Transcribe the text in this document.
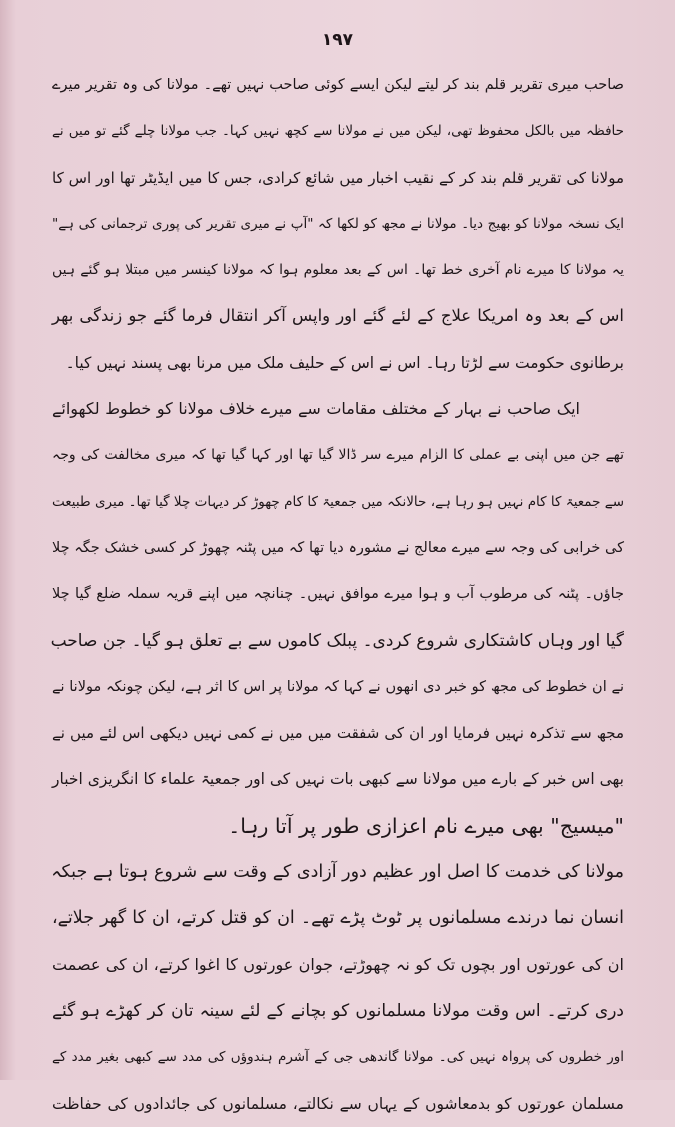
۱۹۷
صاحب میری تقریر قلم بند کر لیتے لیکن ایسے کوئی صاحب نہیں تھے۔ مولانا کی وہ تقریر میرے
حافظہ میں بالکل محفوظ تھی، لیکن میں نے مولانا سے کچھ نہیں کہا۔ جب مولانا چلے گئے تو میں نے
مولانا کی تقریر قلم بند کر کے نقیب اخبار میں شائع کرادی، جس کا میں ایڈیٹر تھا اور اس کا
ایک نسخہ مولانا کو بھیج دیا۔ مولانا نے مجھ کو لکھا کہ "آپ نے میری تقریر کی پوری ترجمانی کی ہے"
یہ مولانا کا میرے نام آخری خط تھا۔ اس کے بعد معلوم ہوا کہ مولانا کینسر میں مبتلا ہو گئے ہیں
اس کے بعد وہ امریکا علاج کے لئے گئے اور واپس آکر انتقال فرما گئے جو زندگی بھر
برطانوی حکومت سے لڑتا رہا۔ اس نے اس کے حلیف ملک میں مرنا بھی پسند نہیں کیا۔
ایک صاحب نے بہار کے مختلف مقامات سے میرے خلاف مولانا کو خطوط لکھوائے
تھے جن میں اپنی بے عملی کا الزام میرے سر ڈالا گیا تھا اور کہا گیا تھا کہ میری مخالفت کی وجہ
سے جمعیۃ کا کام نہیں ہو رہا ہے، حالانکہ میں جمعیۃ کا کام چھوڑ کر دیہات چلا گیا تھا۔ میری طبیعت
کی خرابی کی وجہ سے میرے معالج نے مشورہ دیا تھا کہ میں پٹنہ چھوڑ کر کسی خشک جگہ چلا
جاؤں۔ پٹنہ کی مرطوب آب و ہوا میرے موافق نہیں۔ چنانچہ میں اپنے قریہ سملہ ضلع گیا چلا
گیا اور وہاں کاشتکاری شروع کردی۔ پبلک کاموں سے بے تعلق ہو گیا۔ جن صاحب
نے ان خطوط کی مجھ کو خبر دی انھوں نے کہا کہ مولانا پر اس کا اثر ہے، لیکن چونکہ مولانا نے
مجھ سے تذکرہ نہیں فرمایا اور ان کی شفقت میں میں نے کمی نہیں دیکھی اس لئے میں نے
بھی اس خبر کے بارے میں مولانا سے کبھی بات نہیں کی اور جمعیۃ علماء کا انگریزی اخبار
"میسیج" بھی میرے نام اعزازی طور پر آتا رہا۔
مولانا کی خدمت کا اصل اور عظیم دور آزادی کے وقت سے شروع ہوتا ہے جبکہ
انسان نما درندے مسلمانوں پر ٹوٹ پڑے تھے۔ ان کو قتل کرتے، ان کا گھر جلاتے،
ان کی عورتوں اور بچوں تک کو نہ چھوڑتے، جوان عورتوں کا اغوا کرتے، ان کی عصمت
دری کرتے۔ اس وقت مولانا مسلمانوں کو بچانے کے لئے سینہ تان کر کھڑے ہو گئے
اور خطروں کی پرواہ نہیں کی۔ مولانا گاندھی جی کے آشرم ہندوؤں کی مدد سے کبھی بغیر مدد کے
مسلمان عورتوں کو بدمعاشوں کے یہاں سے نکالتے، مسلمانوں کی جائدادوں کی حفاظت
